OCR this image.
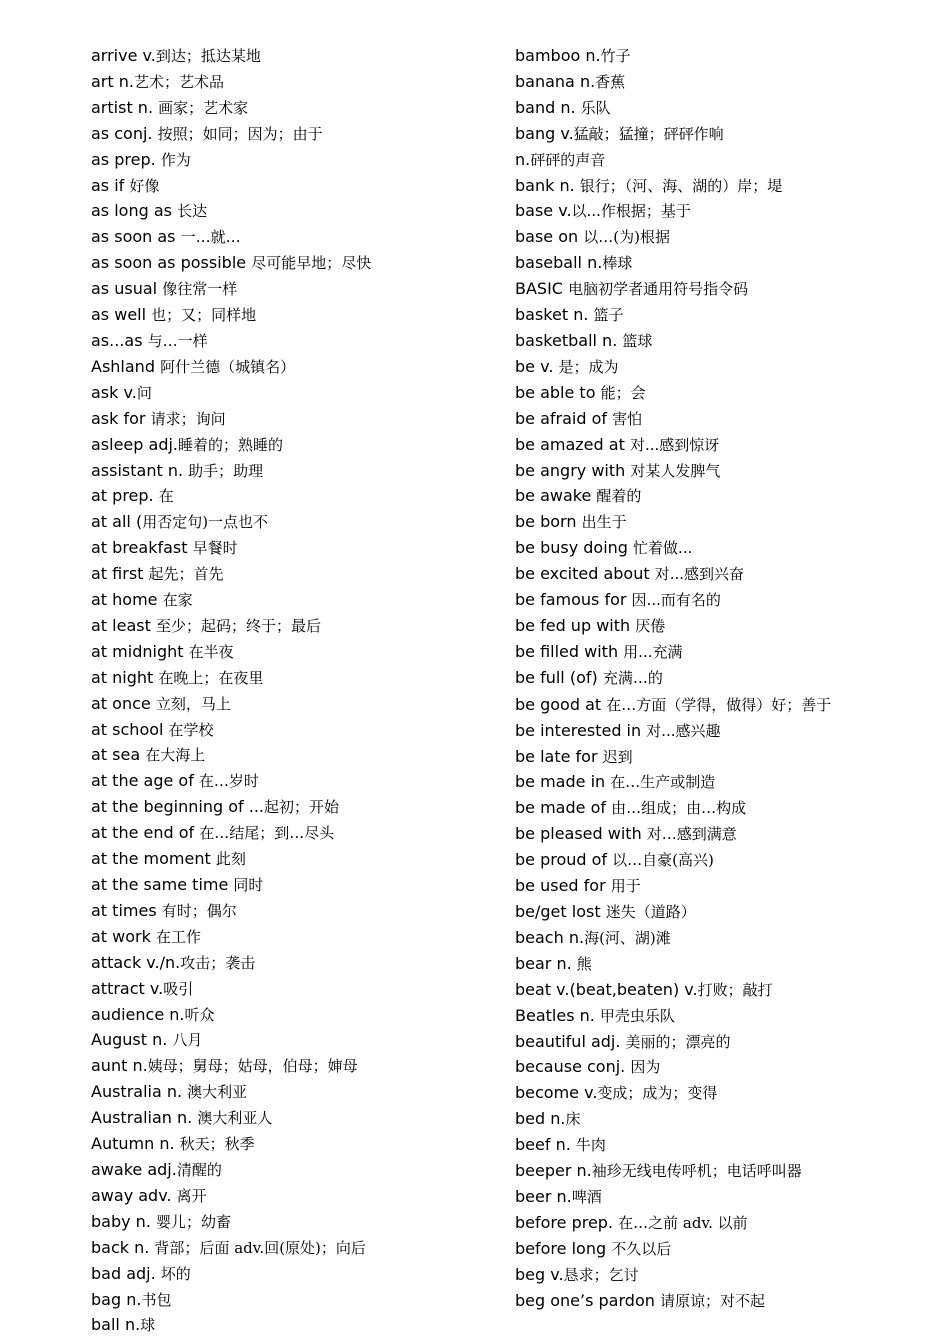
arrive v.到达；抵达某地
art n.艺术；艺术品
artist n. 画家；艺术家
as conj. 按照；如同；因为；由于
as prep. 作为
as if 好像
as long as 长达
as soon as 一…就…
as soon as possible 尽可能早地；尽快
as usual 像往常一样
as well 也；又；同样地
as...as 与…一样
Ashland 阿什兰德（城镇名）
ask v.问
ask for 请求；询问
asleep adj.睡着的；熟睡的
assistant n. 助手；助理
at prep. 在
at all (用否定句)一点也不
at breakfast 早餐时
at first 起先；首先
at home 在家
at least 至少；起码；终于；最后
at midnight 在半夜
at night 在晚上；在夜里
at once 立刻，马上
at school 在学校
at sea 在大海上
at the age of 在…岁时
at the beginning of ...起初；开始
at the end of 在…结尾；到…尽头
at the moment 此刻
at the same time 同时
at times 有时；偶尔
at work 在工作
attack v./n.攻击；袭击
attract v.吸引
audience n.听众
August n. 八月
aunt n.姨母；舅母；姑母，伯母；婶母
Australia n. 澳大利亚
Australian n. 澳大利亚人
Autumn n. 秋天；秋季
awake adj.清醒的
away adv. 离开
baby n. 婴儿；幼畜
back n. 背部；后面 adv.回(原处)；向后
bad adj. 坏的
bag n.书包
ball n.球
bamboo n.竹子
banana n.香蕉
band n. 乐队
bang v.猛敲；猛撞；砰砰作响
n.砰砰的声音
bank n. 银行；（河、海、湖的）岸；堤
base v.以...作根据；基于
base on 以…(为)根据
baseball n.棒球
BASIC 电脑初学者通用符号指令码
basket n. 篮子
basketball n. 篮球
be v. 是；成为
be able to 能；会
be afraid of 害怕
be amazed at 对...感到惊讶
be angry with 对某人发脾气
be awake 醒着的
be born 出生于
be busy doing 忙着做...
be excited about 对...感到兴奋
be famous for 因...而有名的
be fed up with 厌倦
be filled with 用...充满
be full (of) 充满…的
be good at 在…方面（学得，做得）好；善于
be interested in 对...感兴趣
be late for 迟到
be made in 在…生产或制造
be made of 由…组成；由…构成
be pleased with 对…感到满意
be proud of 以…自豪(高兴)
be used for 用于
be/get lost 迷失（道路）
beach n.海(河、湖)滩
bear n. 熊
beat v.(beat,beaten) v.打败；敲打
Beatles n. 甲壳虫乐队
beautiful adj. 美丽的；漂亮的
because conj. 因为
become v.变成；成为；变得
bed n.床
beef n. 牛肉
beeper n.袖珍无线电传呼机；电话呼叫器
beer n.啤酒
before prep. 在…之前 adv. 以前
before long 不久以后
beg v.恳求；乞讨
beg one’s pardon 请原谅；对不起
